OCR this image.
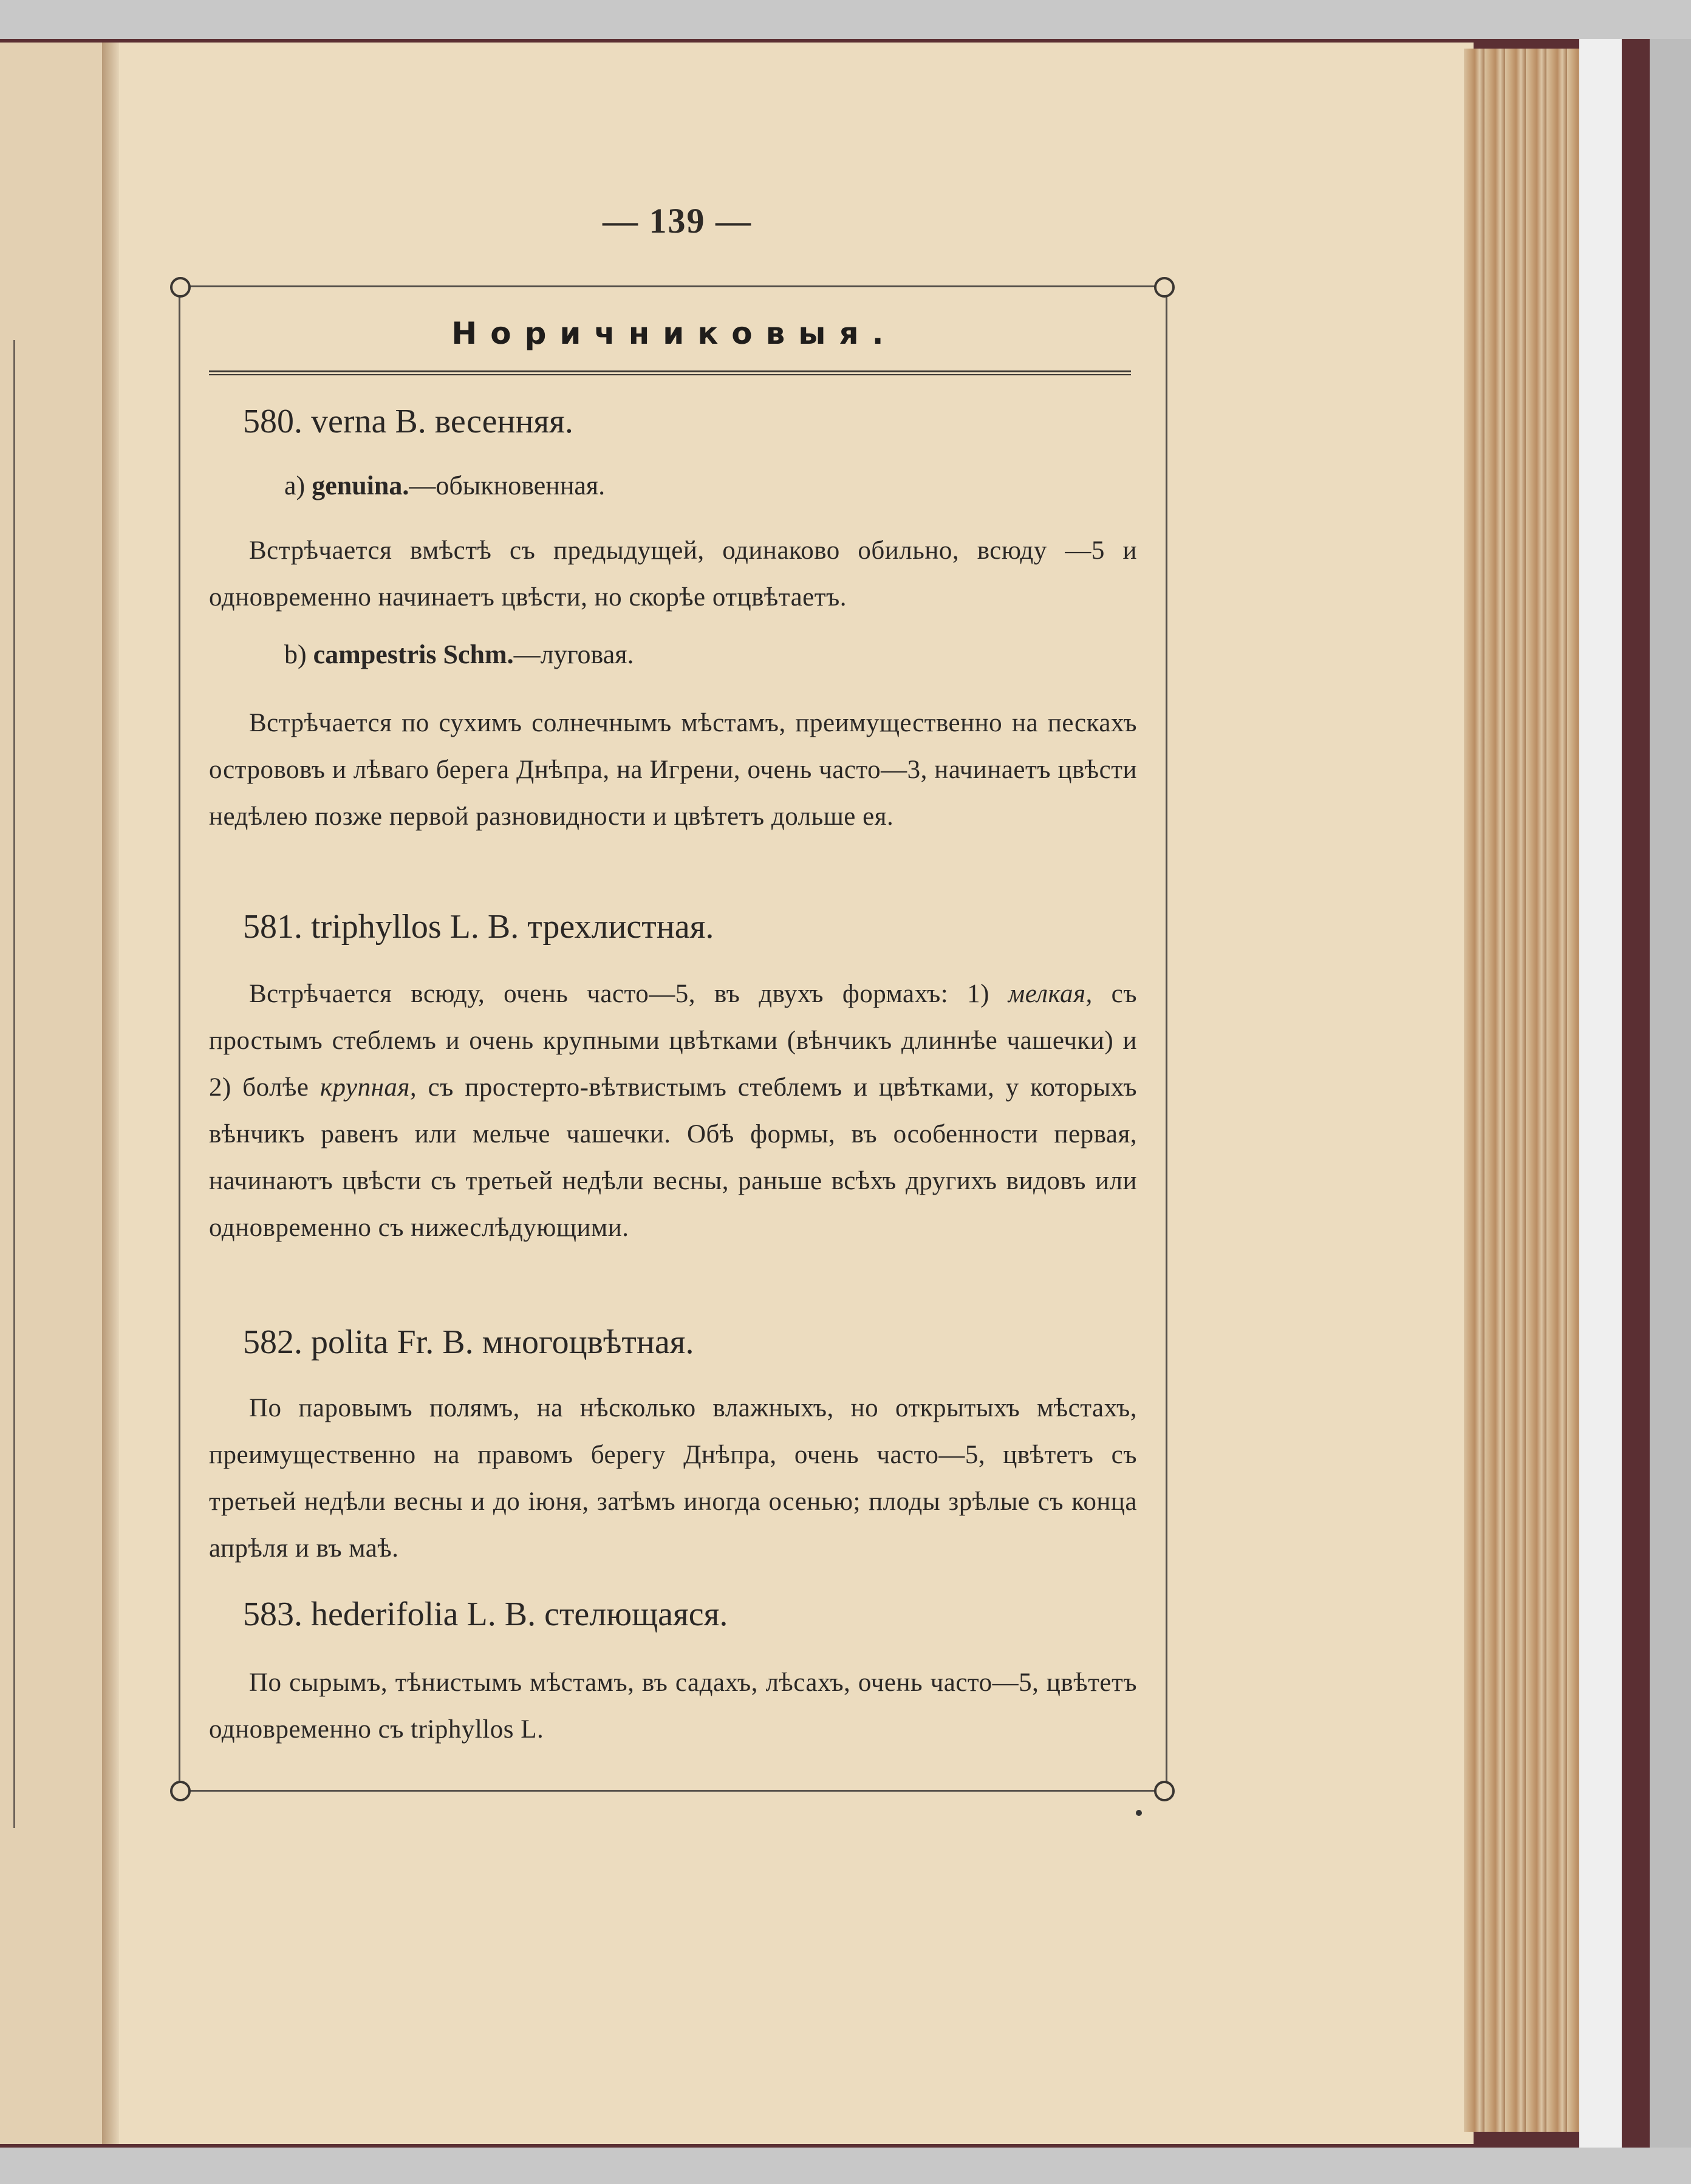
— 139 —
Норичниковыя.
580. verna B. весенняя.
a) genuina.—обыкновенная.
Встрѣчается вмѣстѣ съ предыдущей, одинаково обильно, всюду —5 и одновременно начинаетъ цвѣсти, но скорѣе отцвѣтаетъ.
b) campestris Schm.—луговая.
Встрѣчается по сухимъ солнечнымъ мѣстамъ, преимущественно на пескахъ острововъ и лѣваго берега Днѣпра, на Игрени, очень часто—3, начинаетъ цвѣсти недѣлею позже первой разновидности и цвѣтетъ дольше ея.
581. triphyllos L. B. трехлистная.
Встрѣчается всюду, очень часто—5, въ двухъ формахъ: 1) мелкая, съ простымъ стеблемъ и очень крупными цвѣтками (вѣнчикъ длиннѣе чашечки) и 2) болѣе крупная, съ простерто-вѣтвистымъ стеблемъ и цвѣтками, у которыхъ вѣнчикъ равенъ или мельче чашечки. Обѣ формы, въ особенности первая, начинаютъ цвѣсти съ третьей недѣли весны, раньше всѣхъ другихъ видовъ или одновременно съ нижеслѣдующими.
582. polita Fr. B. многоцвѣтная.
По паровымъ полямъ, на нѣсколько влажныхъ, но открытыхъ мѣстахъ, преимущественно на правомъ берегу Днѣпра, очень часто—5, цвѣтетъ съ третьей недѣли весны и до іюня, затѣмъ иногда осенью; плоды зрѣлые съ конца апрѣля и въ маѣ.
583. hederifolia L. B. стелющаяся.
По сырымъ, тѣнистымъ мѣстамъ, въ садахъ, лѣсахъ, очень часто—5, цвѣтетъ одновременно съ triphyllos L.
